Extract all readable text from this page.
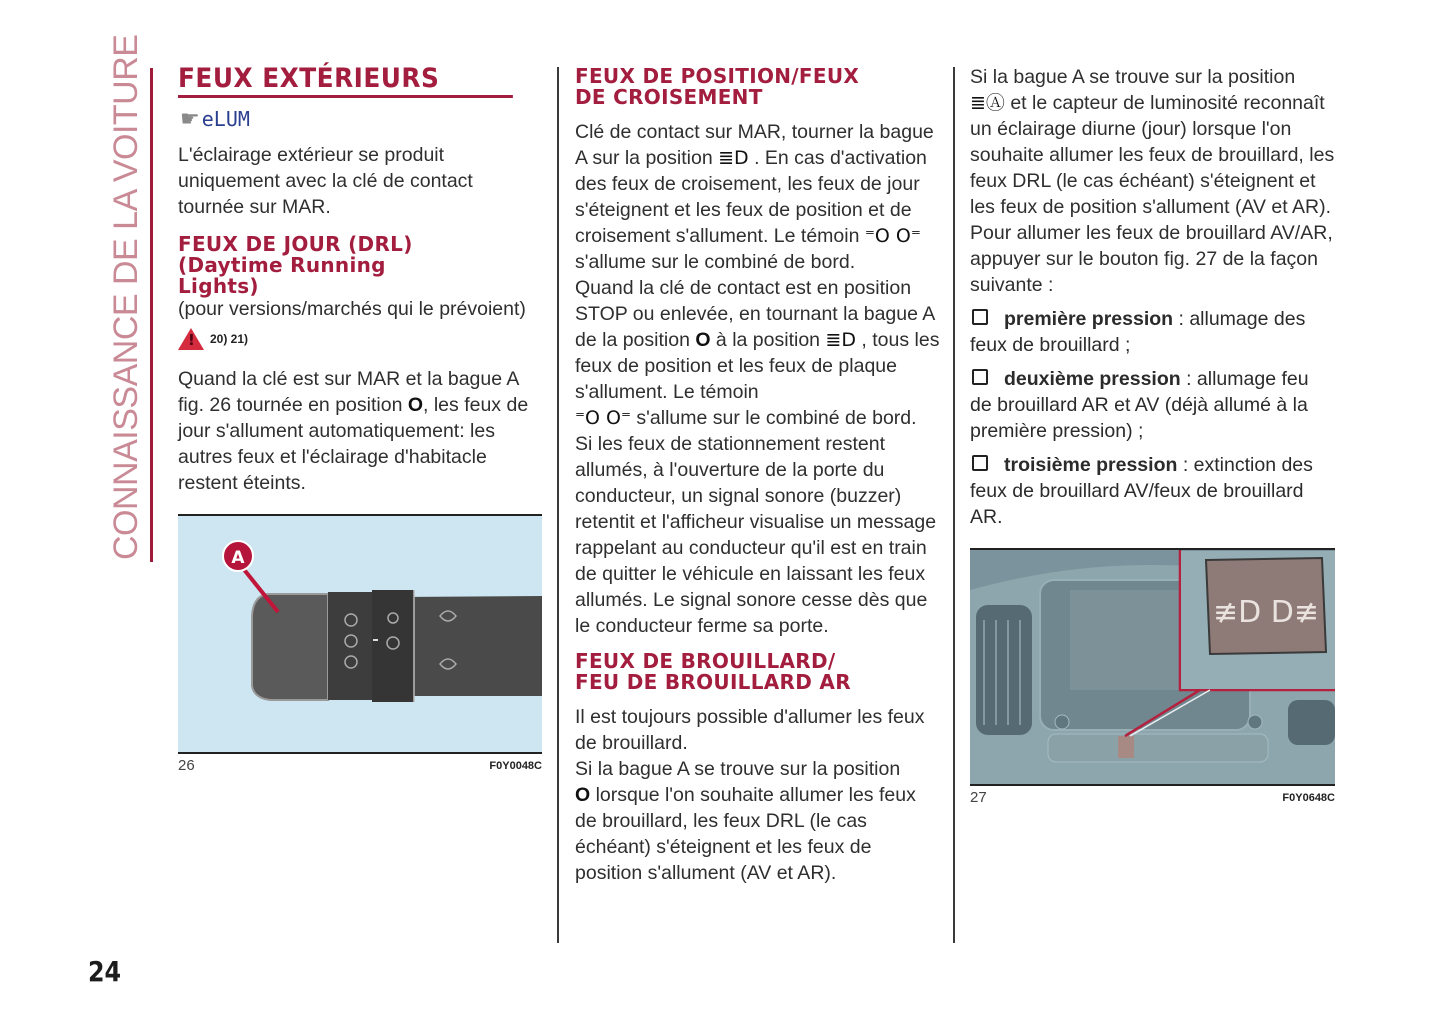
CONNAISSANCE DE LA VOITURE FEUX EXTÉRIEURS
☛ eLUM

L'éclairage extérieur se produit uniquement avec la clé de contact tournée sur MAR.

FEUX DE JOUR (DRL)
(Daytime Running
Lights)

(pour versions/marchés qui le prévoient)

!
20) 21)

Quand la clé est sur MAR et la bague A fig. 26 tournée en position O, les feux de jour s'allument automatiquement: les autres feux et l'éclairage d'habitacle restent éteints.

A
26	F0Y0048C
FEUX DE POSITION/FEUX
DE CROISEMENT

Clé de contact sur MAR, tourner la bague A sur la position ≣D . En cas d'activation des feux de croisement, les feux de jour s'éteignent et les feux de position et de croisement s'allument. Le témoin ⁼O O⁼ s'allume sur le combiné de bord.

Quand la clé de contact est en position STOP ou enlevée, en tournant la bague A de la position O à la position ≣D , tous les feux de position et les feux de plaque s'allument. Le témoin
⁼O O⁼ s'allume sur le combiné de bord.

Si les feux de stationnement restent allumés, à l'ouverture de la porte du conducteur, un signal sonore (buzzer) retentit et l'afficheur visualise un message rappelant au conducteur qu'il est en train de quitter le véhicule en laissant les feux allumés. Le signal sonore cesse dès que le conducteur ferme sa porte.

FEUX DE BROUILLARD/
FEU DE BROUILLARD AR

Il est toujours possible d'allumer les feux de brouillard.

Si la bague A se trouve sur la position
O lorsque l'on souhaite allumer les feux de brouillard, les feux DRL (le cas échéant) s'éteignent et les feux de position s'allument (AV et AR).

Si la bague A se trouve sur la position
≣Ⓐ et le capteur de luminosité reconnaît un éclairage diurne (jour) lorsque l'on souhaite allumer les feux de brouillard, les feux DRL (le cas échéant) s'éteignent et les feux de position s'allument (AV et AR).

Pour allumer les feux de brouillard AV/AR, appuyer sur le bouton fig. 27 de la façon suivante :

première pression : allumage des feux de brouillard ;
deuxième pression : allumage feu de brouillard AR et AV (déjà allumé à la première pression) ;
troisième pression : extinction des feux de brouillard AV/feux de brouillard AR.
≢D D≢
27	F0Y0648C
24
